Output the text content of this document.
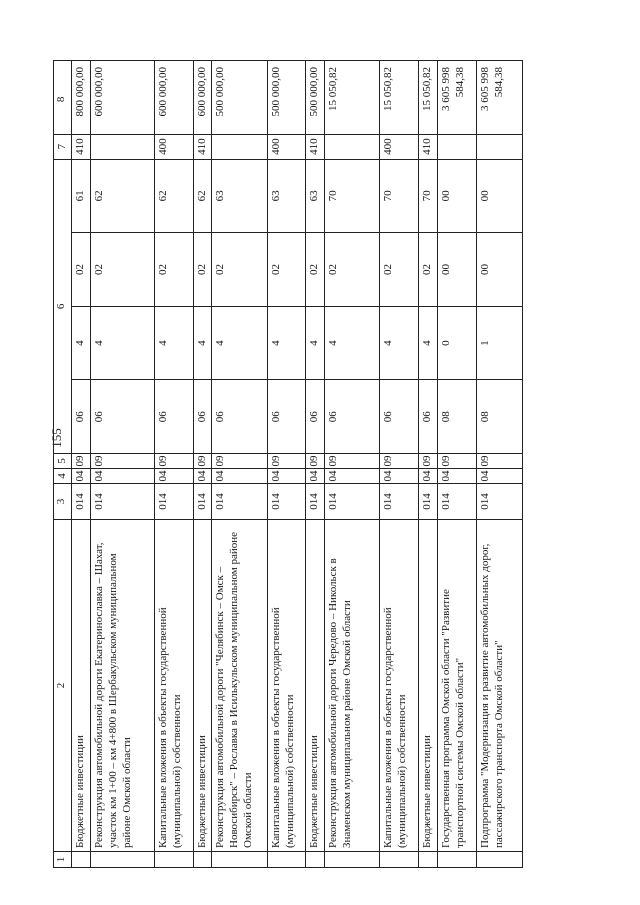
155
1	2	3	4	5	6				7	8
	Бюджетные инвестиции	014	04	09	06	4	02	61	410	800 000,00
	Реконструкция автомобильной дороги Екатеринославка – Шахат, участок км 1+00 – км 4+800 в Шербакульском муниципальном районе Омской области	014	04	09	06	4	02	62		600 000,00
	Капитальные вложения в объекты государственной (муниципальной) собственности	014	04	09	06	4	02	62	400	600 000,00
	Бюджетные инвестиции	014	04	09	06	4	02	62	410	600 000,00
	Реконструкция автомобильной дороги "Челябинск – Омск – Новосибирск" – Рославка в Исилькульском муниципальном районе Омской области	014	04	09	06	4	02	63		500 000,00
	Капитальные вложения в объекты государственной (муниципальной) собственности	014	04	09	06	4	02	63	400	500 000,00
	Бюджетные инвестиции	014	04	09	06	4	02	63	410	500 000,00
	Реконструкция автомобильной дороги Чередово – Никольск в Знаменском муниципальном районе Омской области	014	04	09	06	4	02	70		15 050,82
	Капитальные вложения в объекты государственной (муниципальной) собственности	014	04	09	06	4	02	70	400	15 050,82
	Бюджетные инвестиции	014	04	09	06	4	02	70	410	15 050,82
	Государственная программа Омской области "Развитие транспортной системы Омской области"	014	04	09	08	0	00	00		3 605 998 584,38
	Подпрограмма "Модернизация и развитие автомобильных дорог, пассажирского транспорта Омской области"	014	04	09	08	1	00	00		3 605 998 584,38
